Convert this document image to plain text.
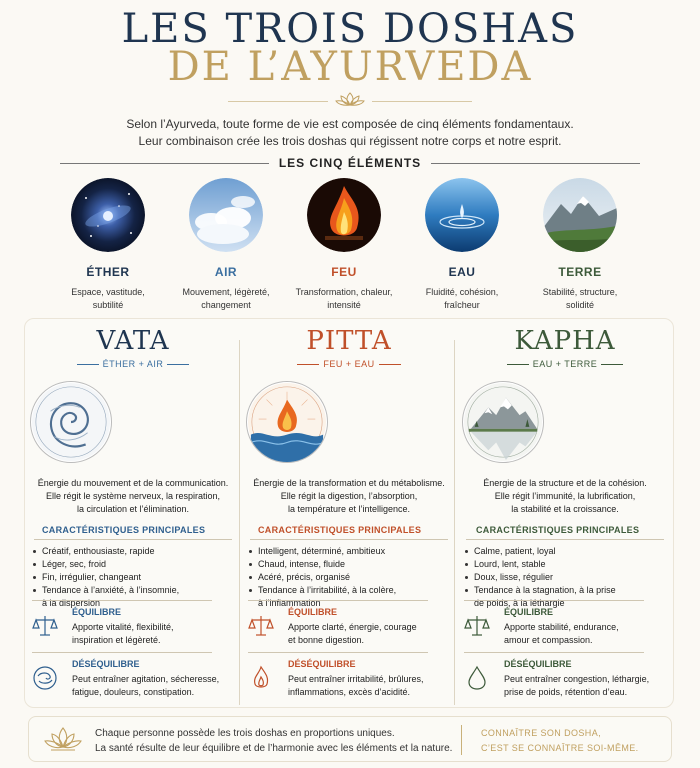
LES TROIS DOSHAS
DE L’AYURVEDA
Selon l’Ayurveda, toute forme de vie est composée de cinq éléments fondamentaux.
Leur combinaison crée les trois doshas qui régissent notre corps et notre esprit.
LES CINQ ÉLÉMENTS
ÉTHER
Espace, vastitude,
subtilité
AIR
Mouvement, légèreté,
changement
FEU
Transformation, chaleur,
intensité
EAU
Fluidité, cohésion,
fraîcheur
TERRE
Stabilité, structure,
solidité
VATA
ÉTHER + AIR
Énergie du mouvement et de la communication.
Elle régit le système nerveux, la respiration,
la circulation et l’élimination.
CARACTÉRISTIQUES PRINCIPALES
Créatif, enthousiaste, rapide
Léger, sec, froid
Fin, irrégulier, changeant
Tendance à l’anxiété, à l’insomnie,
à la dispersion
PITTA
FEU + EAU
Énergie de la transformation et du métabolisme.
Elle régit la digestion, l’absorption,
la température et l’intelligence.
CARACTÉRISTIQUES PRINCIPALES
Intelligent, déterminé, ambitieux
Chaud, intense, fluide
Acéré, précis, organisé
Tendance à l’irritabilité, à la colère,
à l’inflammation
KAPHA
EAU + TERRE
Énergie de la structure et de la cohésion.
Elle régit l’immunité, la lubrification,
la stabilité et la croissance.
CARACTÉRISTIQUES PRINCIPALES
Calme, patient, loyal
Lourd, lent, stable
Doux, lisse, régulier
Tendance à la stagnation, à la prise
de poids, à la léthargie
ÉQUILIBRE
Apporte vitalité, flexibilité,
inspiration et légèreté.
DÉSÉQUILIBRE
Peut entraîner agitation, sécheresse,
fatigue, douleurs, constipation.
ÉQUILIBRE
Apporte clarté, énergie, courage
et bonne digestion.
DÉSÉQUILIBRE
Peut entraîner irritabilité, brûlures,
inflammations, excès d’acidité.
ÉQUILIBRE
Apporte stabilité, endurance,
amour et compassion.
DÉSÉQUILIBRE
Peut entraîner congestion, léthargie,
prise de poids, rétention d’eau.
Chaque personne possède les trois doshas en proportions uniques.
La santé résulte de leur équilibre et de l’harmonie avec les éléments et la nature.
CONNAÎTRE SON DOSHA,
C’EST SE CONNAÎTRE SOI-MÊME.
